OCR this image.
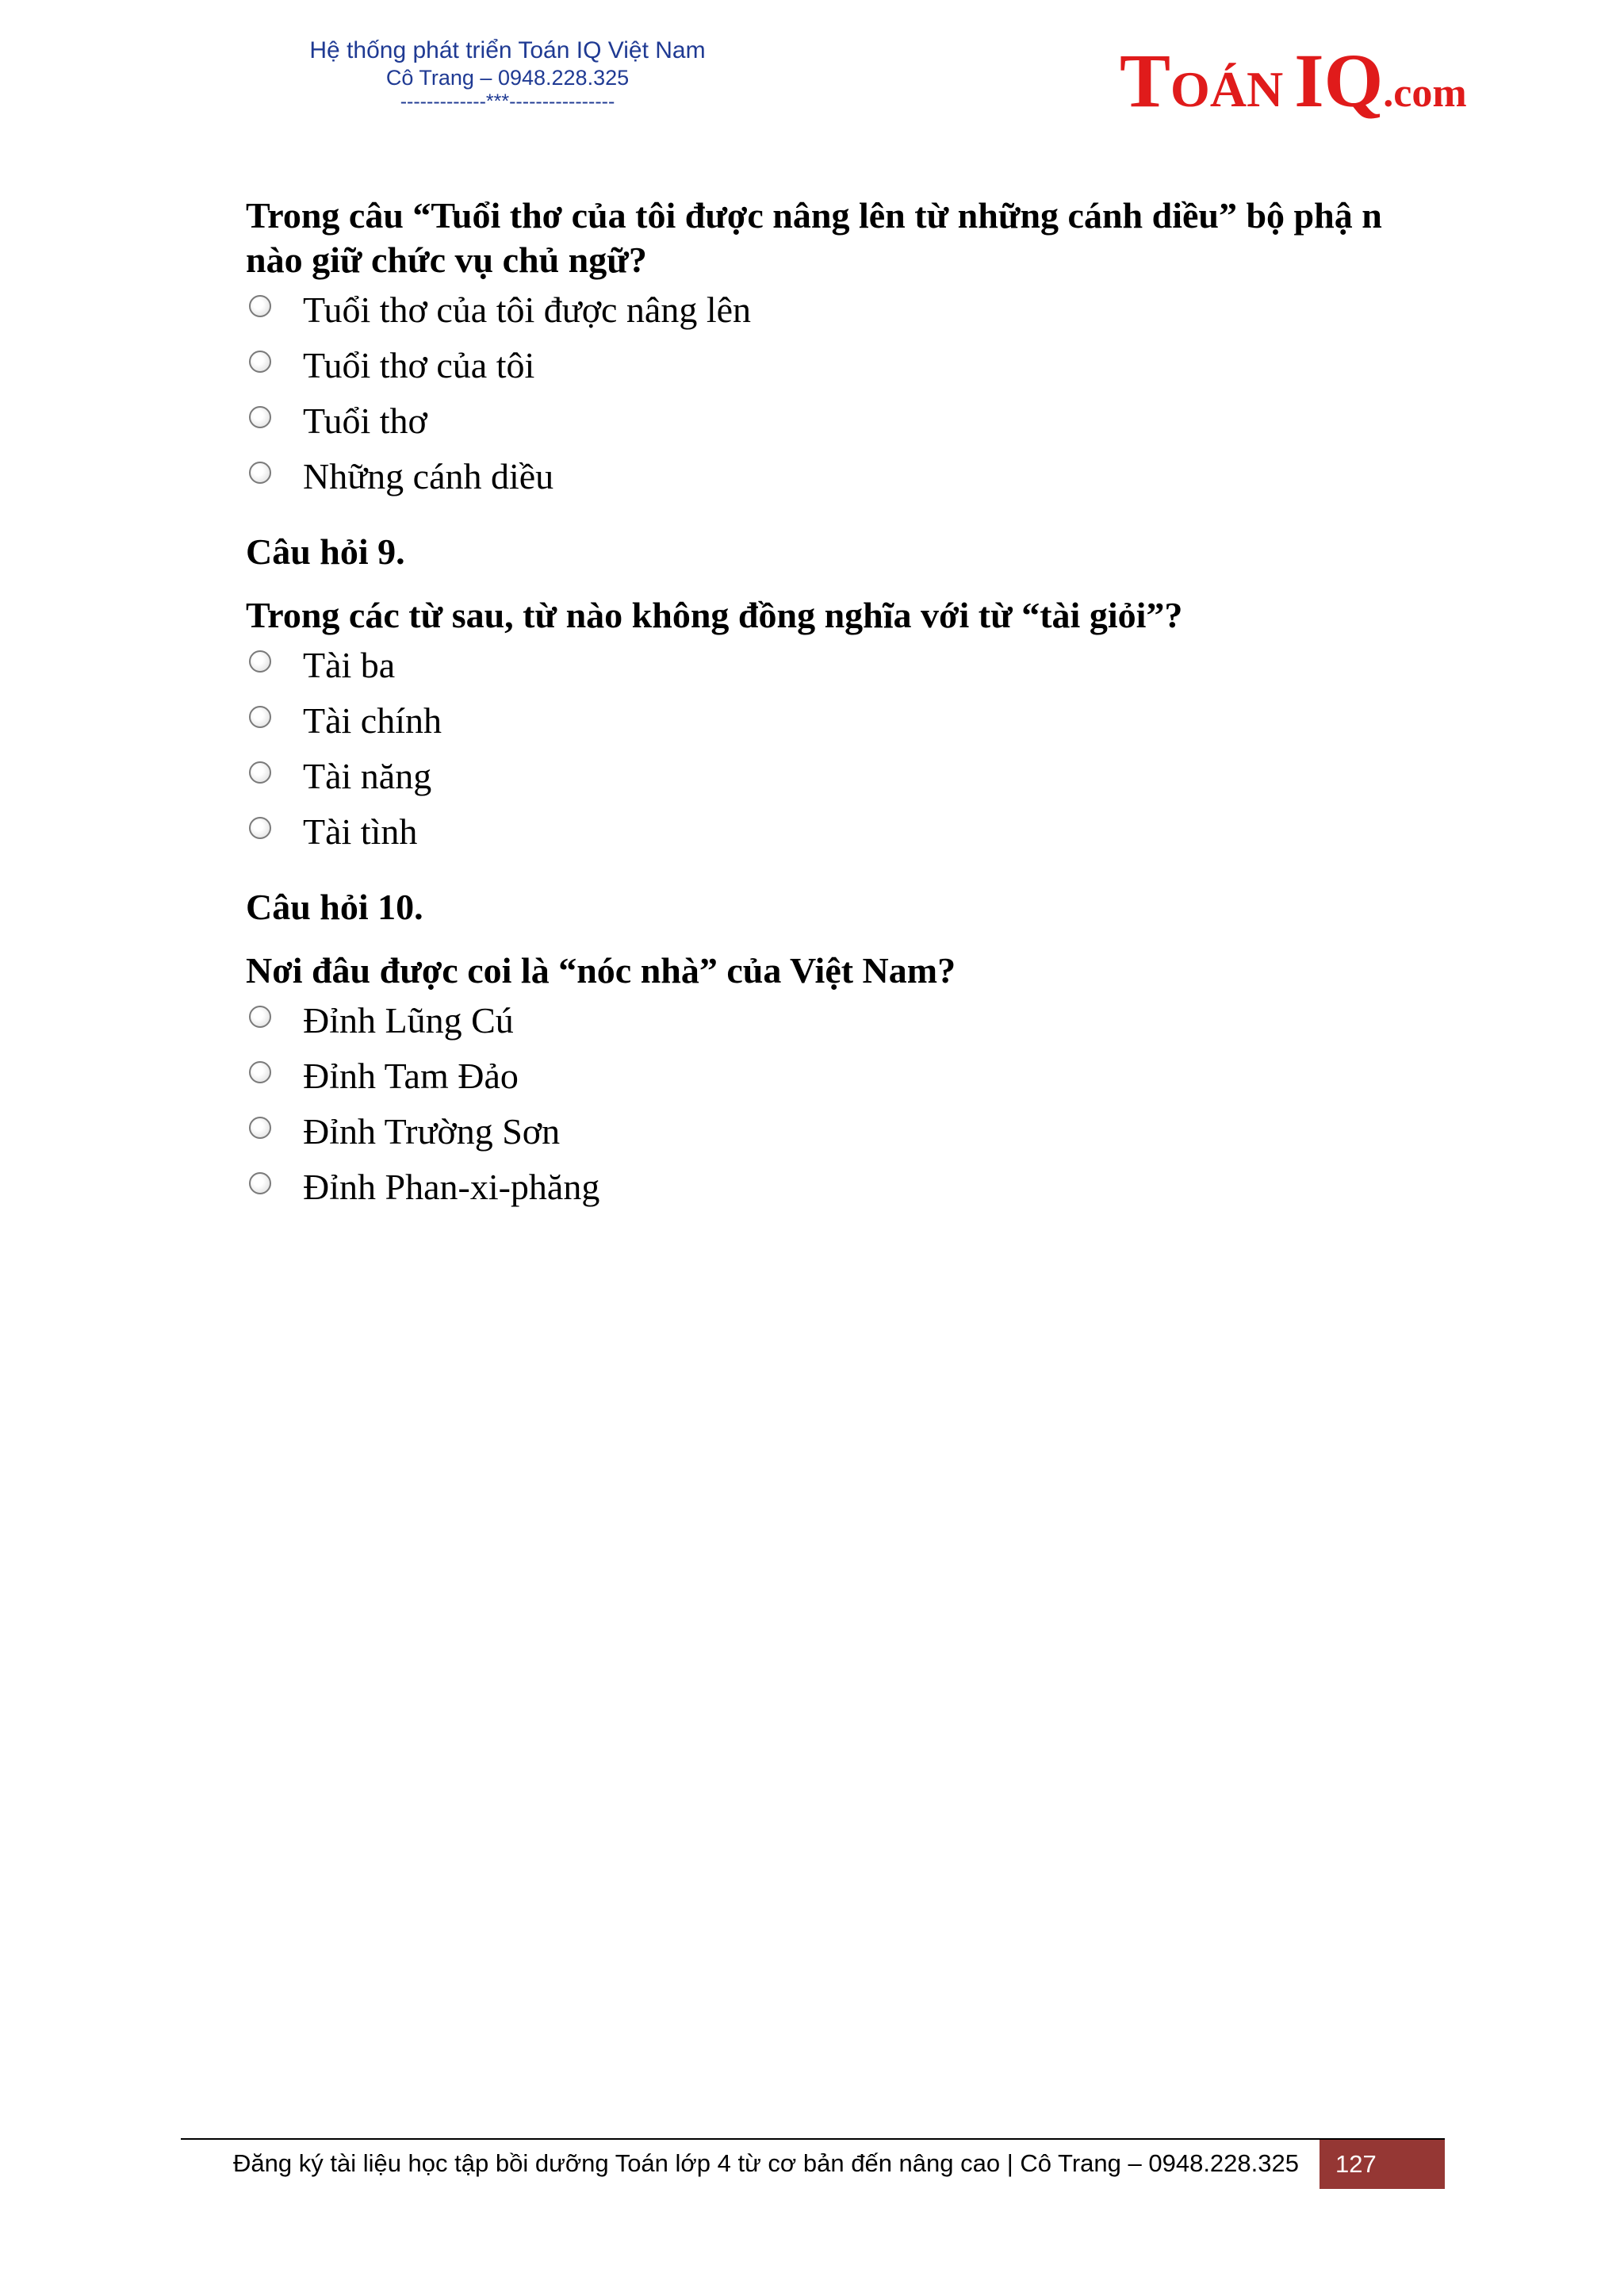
Hệ thống phát triển Toán IQ Việt Nam
Cô Trang – 0948.228.325
-------------***----------------	TOÁN IQ.com

Trong câu “Tuổi thơ của tôi được nâng lên từ những cánh diều” bộ phậ n nào giữ chức vụ chủ ngữ?

Tuổi thơ của tôi được nâng lên
Tuổi thơ của tôi
Tuổi thơ
Những cánh diều

Câu hỏi 9.

Trong các từ sau, từ nào không đồng nghĩa với từ “tài giỏi”?

Tài ba
Tài chính
Tài năng
Tài tình

Câu hỏi 10.

Nơi đâu được coi là “nóc nhà” của Việt Nam?

Đỉnh Lũng Cú
Đỉnh Tam Đảo
Đỉnh Trường Sơn
Đỉnh Phan-xi-phăng
Đăng ký tài liệu học tập bồi dưỡng Toán lớp 4 từ cơ bản đến nâng cao | Cô Trang – 0948.228.325	127
